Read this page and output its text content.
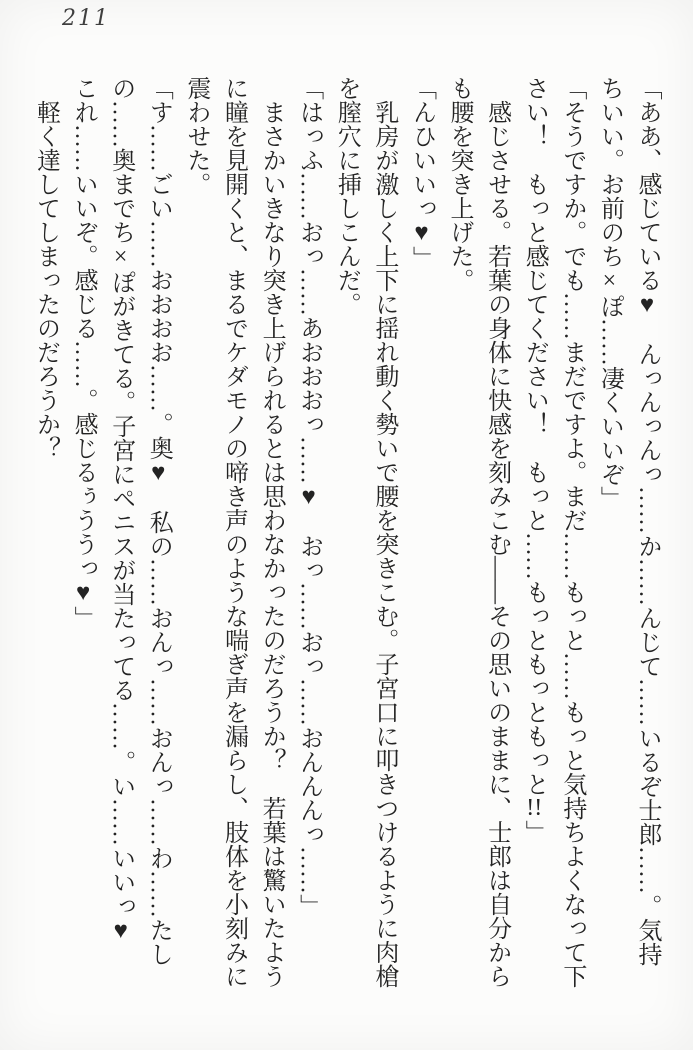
211

「ああ、感じている♥　んっんっんっ……か……んじて……いるぞ士郎……。気持ちいい。お前のち×ぽ……凄くいいぞ」

「そうですか。でも……まだですよ。まだ……もっと……もっと気持ちよくなって下さい！　もっと感じてください！　もっと……もっともっともっと!!」

感じさせる。若葉の身体に快感を刻みこむ——その思いのままに、士郎は自分からも腰を突き上げた。

「んひいいっ♥」

乳房が激しく上下に揺れ動く勢いで腰を突きこむ。子宮口に叩きつけるように肉槍を膣穴に挿しこんだ。

「はっふ……おっ……あおおおっ……♥　おっ……おっ……おんんんっ……」

まさかいきなり突き上げられるとは思わなかったのだろうか？　若葉は驚いたように瞳を見開くと、まるでケダモノの啼き声のような喘ぎ声を漏らし、肢体を小刻みに震わせた。

「す……ごい……おおおお……。奥♥　私の……おんっ……おんっ……わ……たしの……奥までち×ぽがきてる。子宮にペニスが当たってる……。い……いいっ♥　これ……いいぞ。感じる……。感じるぅううっ♥」

軽く達してしまったのだろうか？
